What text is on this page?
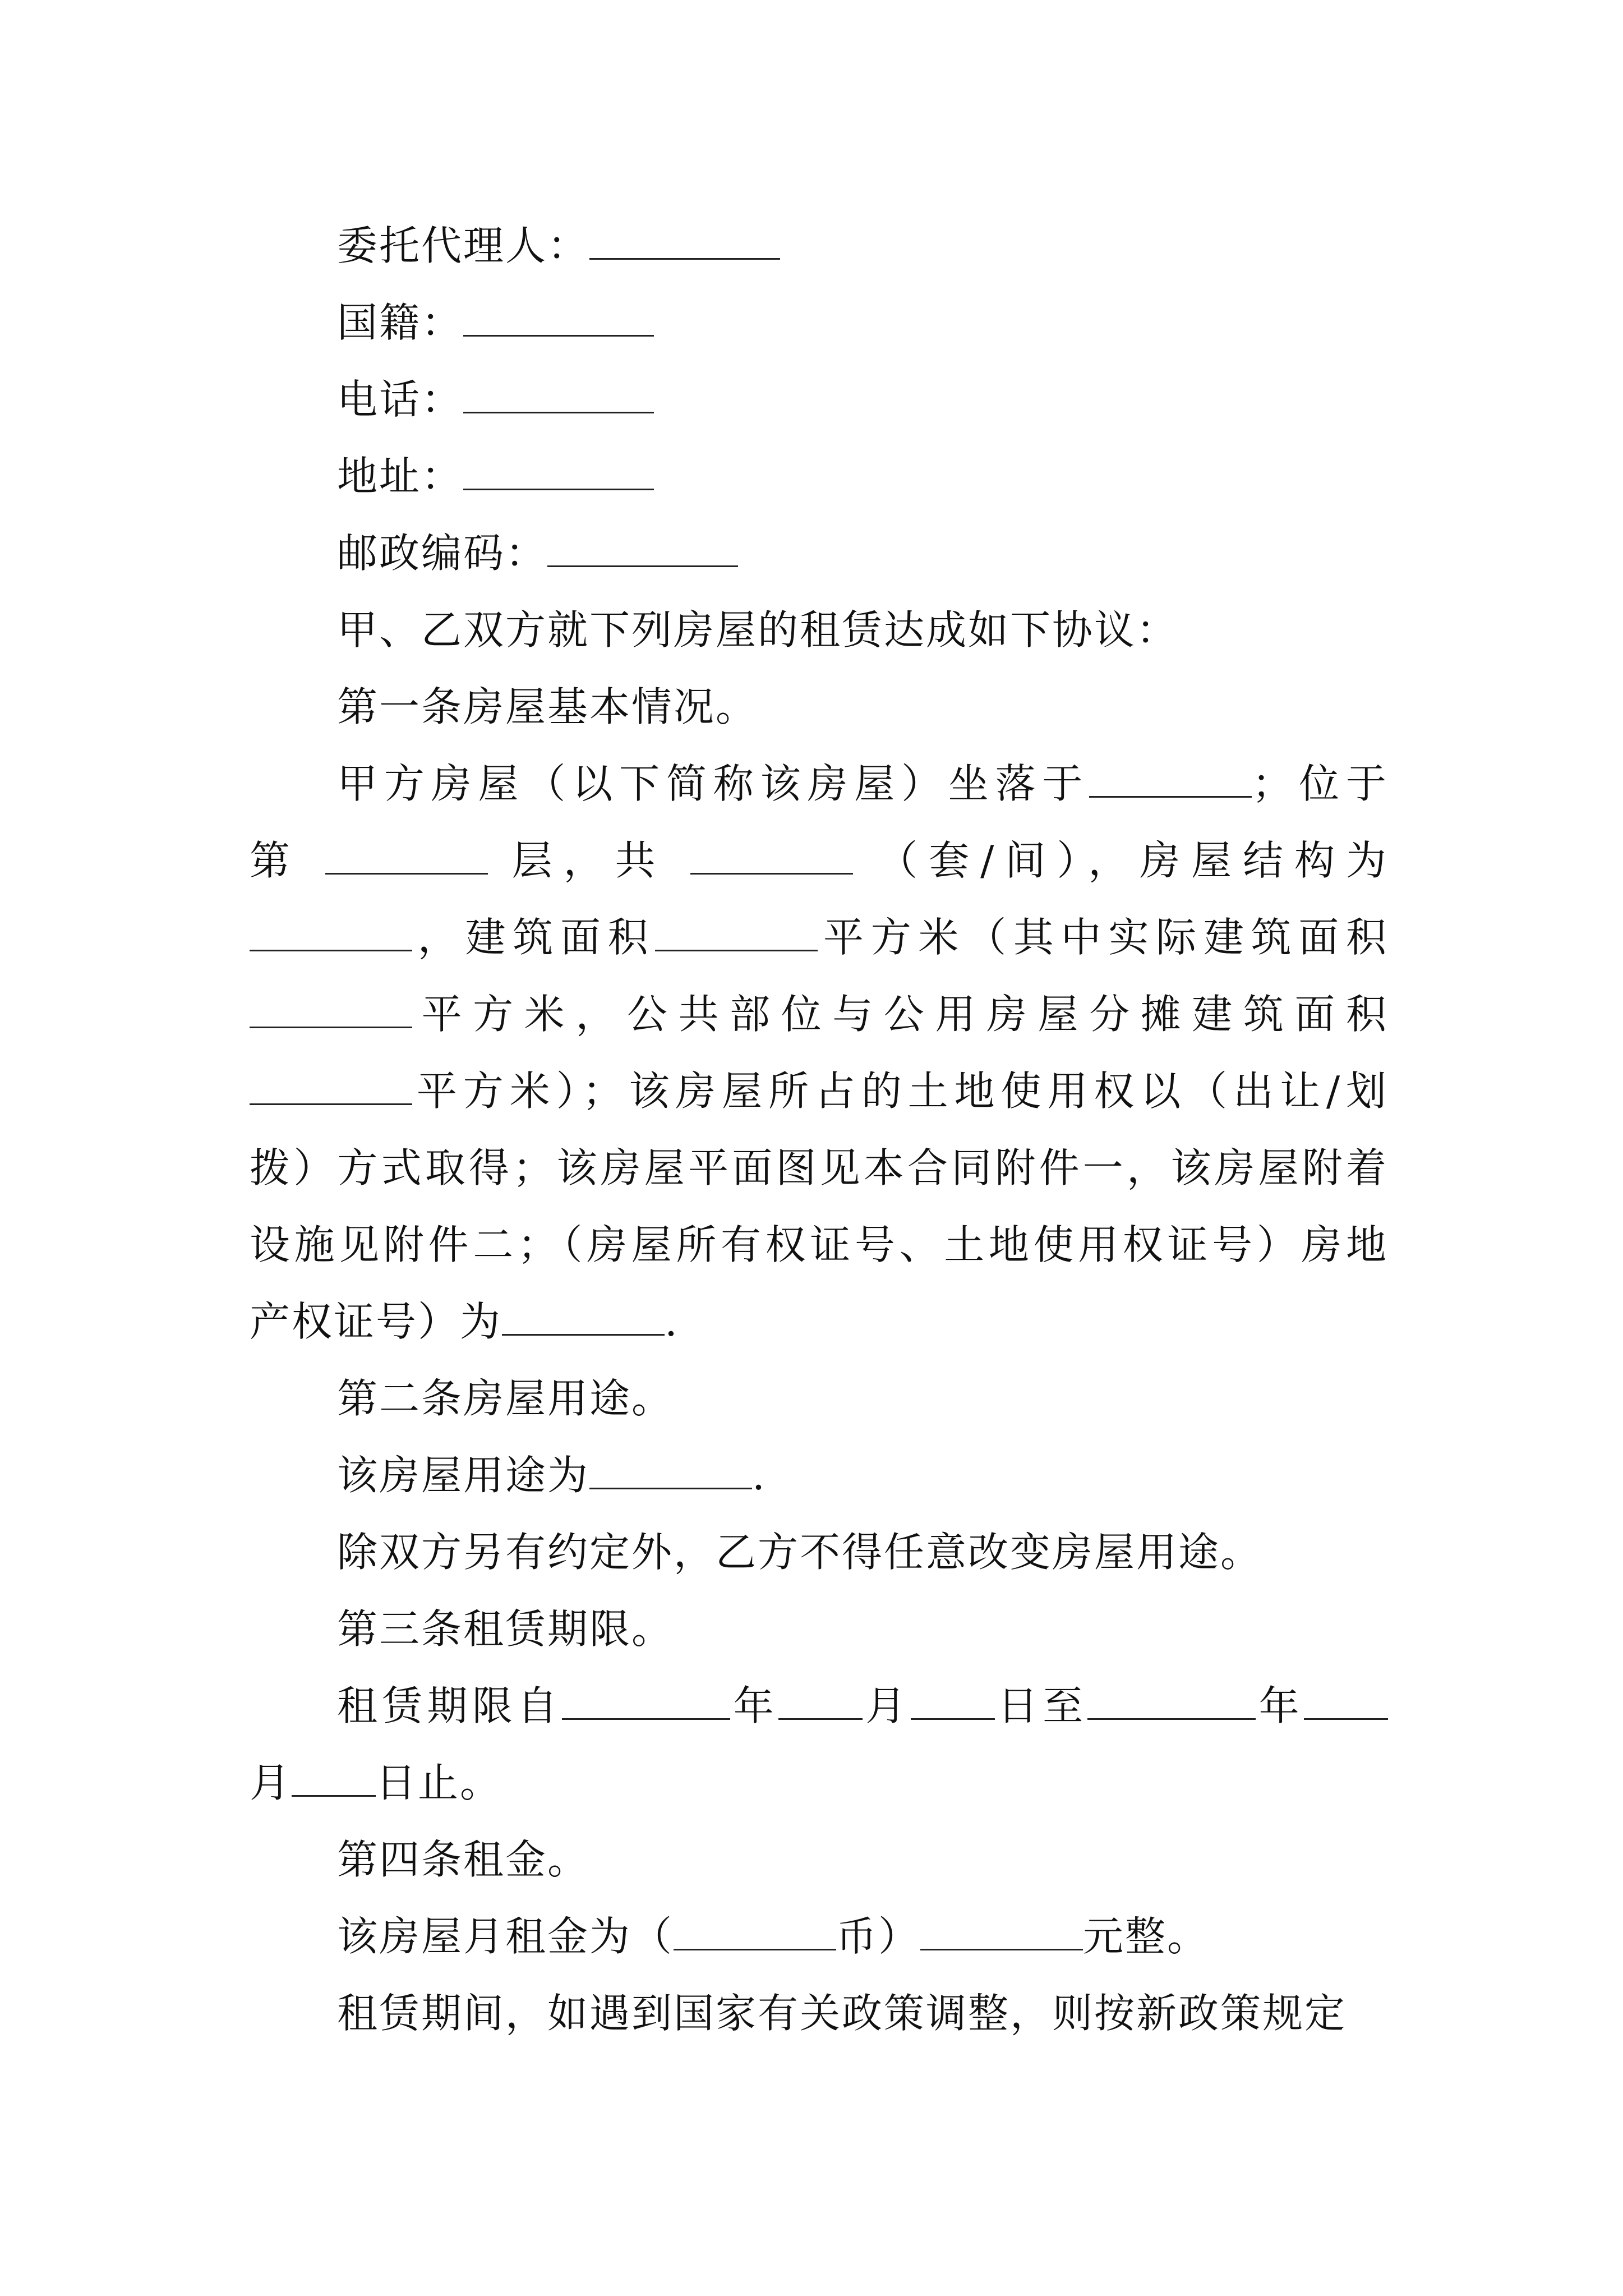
委托代理人：
国籍：
电话：
地址：
邮政编码：
甲、乙双方就下列房屋的租赁达成如下协议：
第一条房屋基本情况。
甲方房屋（以下简称该房屋）坐落于	；位于
第	层，共	（套/间），房屋结构为
，建筑面积	平方米（其中实际建筑面积
平方米，公共部位与公用房屋分摊建筑面积
平方米）；该房屋所占的土地使用权以（出让/划
拨）方式取得；该房屋平面图见本合同附件一，该房屋附着
设施见附件二；（房屋所有权证号、土地使用权证号）房地
产权证号）为	.
第二条房屋用途。
该房屋用途为	.
除双方另有约定外，乙方不得任意改变房屋用途。
第三条租赁期限。
租赁期限自	年 月 日至	年
月 日止。
第四条租金。
该房屋月租金为（	币）	元整。
租赁期间，如遇到国家有关政策调整，则按新政策规定
